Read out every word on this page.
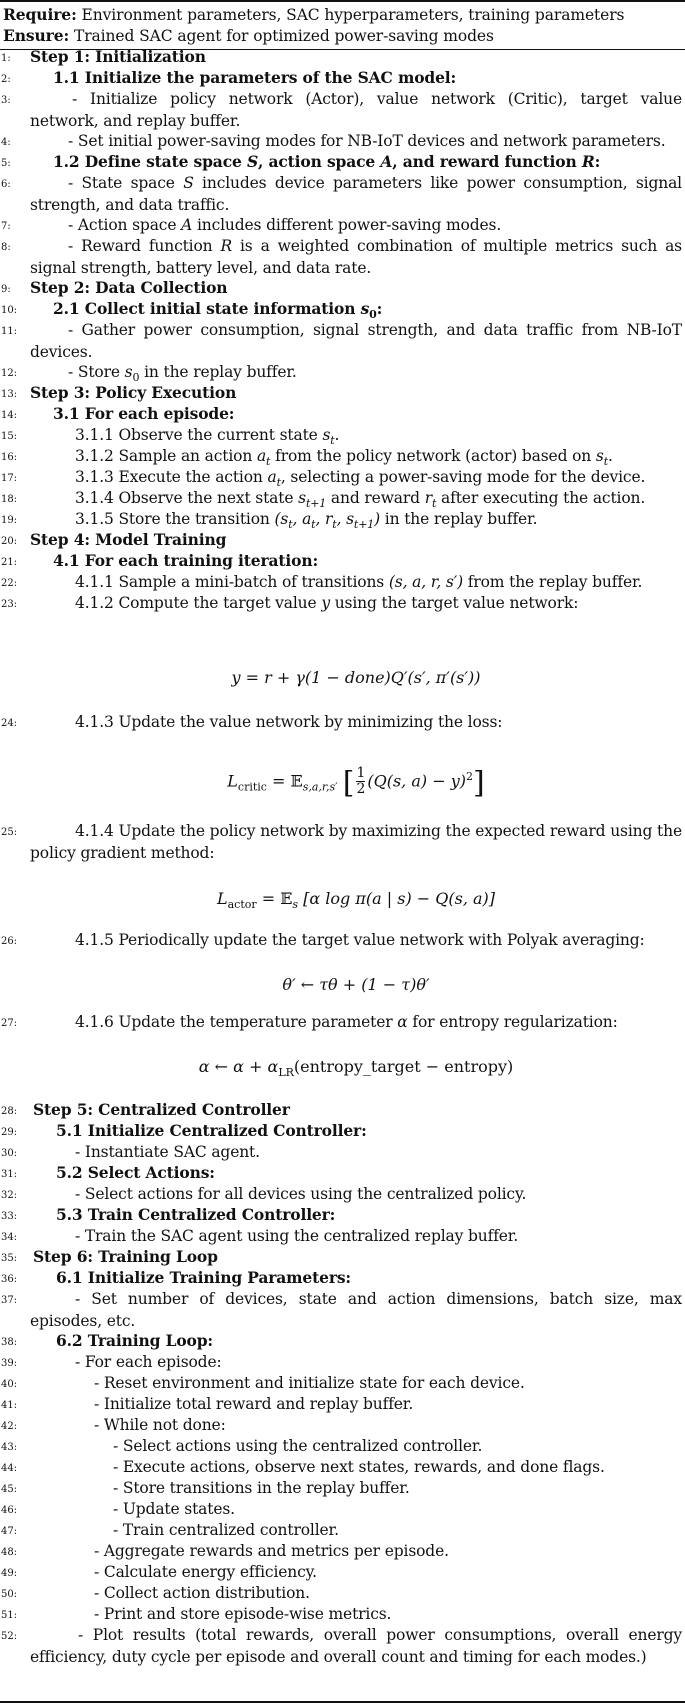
Require: Environment parameters, SAC hyperparameters, training parameters
Ensure: Trained SAC agent for optimized power-saving modes
1:	Step 1: Initialization
2:	1.1 Initialize the parameters of the SAC model:
3:	- Initialize policy network (Actor), value network (Critic), target value network, and replay buffer.
4:	- Set initial power-saving modes for NB-IoT devices and network parameters.
5:	1.2 Define state space S, action space A, and reward function R:
6:	- State space S includes device parameters like power consumption, signal strength, and data traffic.
7:	- Action space A includes different power-saving modes.
8:	- Reward function R is a weighted combination of multiple metrics such as signal strength, battery level, and data rate.
9:	Step 2: Data Collection
10:	2.1 Collect initial state information $s_0$:
11:	- Gather power consumption, signal strength, and data traffic from NB-IoT devices.
12:	- Store $s_0$ in the replay buffer.
13: Step 3: Policy Execution
14:	3.1 For each episode:
15:	3.1.1 Observe the current state $s_t$.
16:	3.1.2 Sample an action $a_t$ from the policy network (actor) based on $s_t$.
17:	3.1.3 Execute the action $a_t$, selecting a power-saving mode for the device.
18:	3.1.4 Observe the next state $s_{t+1}$ and reward $r_t$ after executing the action.
19:	3.1.5 Store the transition ($s_t$, $a_t$, $r_t$, $s_{t+1}$) in the replay buffer.
20: Step 4: Model Training
21:	4.1 For each training iteration:
22:	4.1.1 Sample a mini-batch of transitions (s, a, r, s′) from the replay buffer.
23:	4.1.2 Compute the target value y using the target value network:
y = r + γ(1 − done)Q′(s′, π′(s′))
24:	4.1.3 Update the value network by minimizing the loss:
$L_{critic}$ = 𝔼$_{s,a,r,s'}$ [ $\frac{1}{2} (Q(s$, a) − y)$^2$]
25:	4.1.4 Update the policy network by maximizing the expected reward using the policy gradient method:
$L_{actor}$ = 𝔼$_s$ [α log π(a | s) − Q(s, a)]
26:	4.1.5 Periodically update the target value network with Polyak averaging:
θ′ ← τθ + (1 − τ)θ′
27:	4.1.6 Update the temperature parameter α for entropy regularization:
α ← $\alpha + \alpha_{LR}(entropy\_target$ − entropy)
28:	Step 5: Centralized Controller
29:	5.1 Initialize Centralized Controller:
30:	- Instantiate SAC agent.
31:	5.2 Select Actions:
32:	- Select actions for all devices using the centralized policy.
33:	5.3 Train Centralized Controller:
34:	- Train the SAC agent using the centralized replay buffer.
35:	Step 6: Training Loop
36:	6.1 Initialize Training Parameters:
37:	- Set number of devices, state and action dimensions, batch size, max episodes, etc.
38:	6.2 Training Loop:
39:	- For each episode:
40:	- Reset environment and initialize state for each device.
41:	- Initialize total reward and replay buffer.
42:	- While not done:
43:	- Select actions using the centralized controller.
44:	- Execute actions, observe next states, rewards, and done flags.
45:	- Store transitions in the replay buffer.
46:	- Update states.
47:	- Train centralized controller.
48:	- Aggregate rewards and metrics per episode.
49:	- Calculate energy efficiency.
50:	- Collect action distribution.
51:	- Print and store episode-wise metrics.
52:	- Plot results (total rewards, overall power consumptions, overall energy efficiency, duty cycle per episode and overall count and timing for each modes.)
